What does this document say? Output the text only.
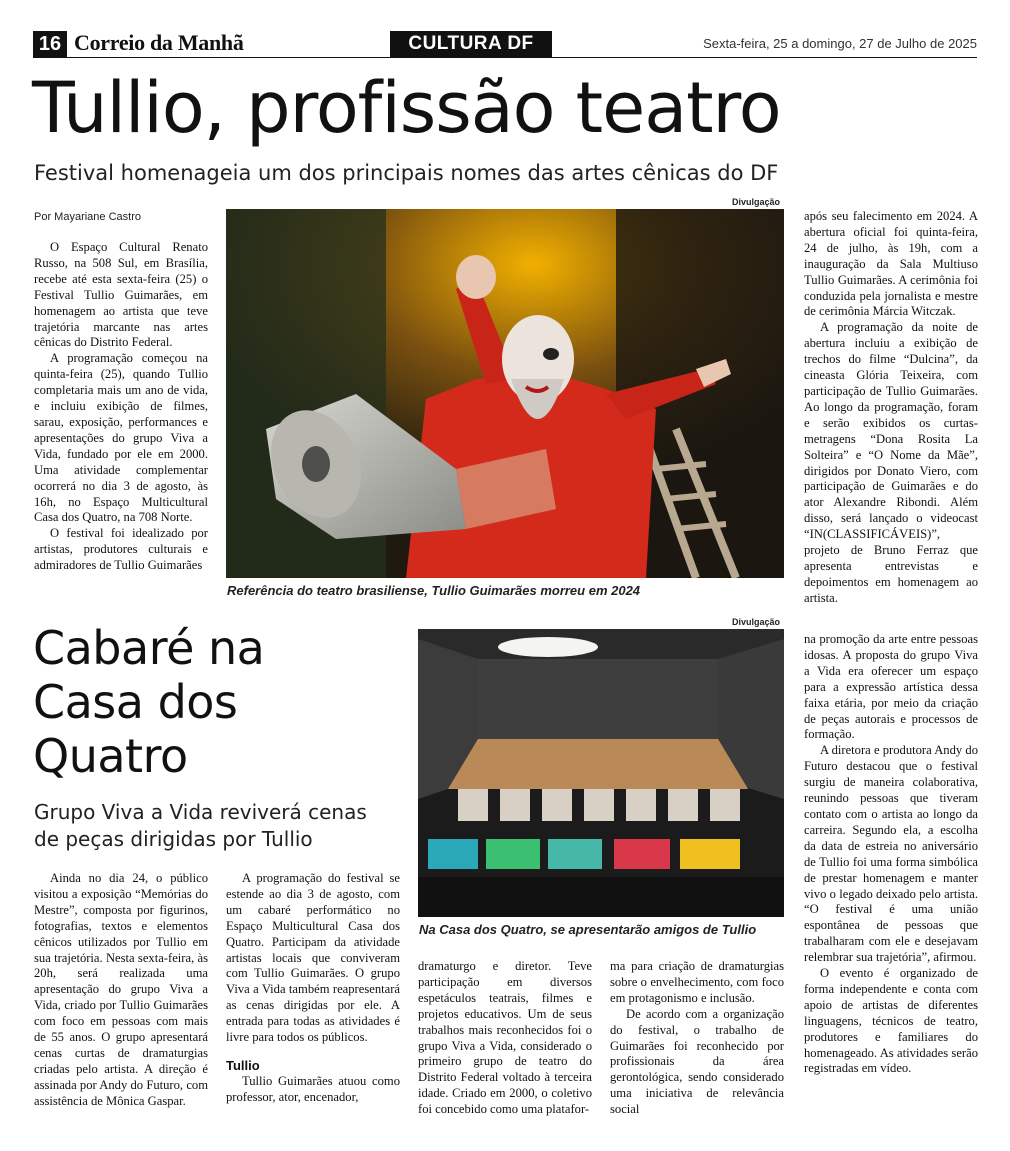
16 Correio da Manhã	CULTURA DF	Sexta-feira, 25 a domingo, 27 de Julho de 2025
Tullio, profissão teatro
Festival homenageia um dos principais nomes das artes cênicas do DF
Por Mayariane Castro

O Espaço Cultural Renato Russo, na 508 Sul, em Brasília, recebe até esta sexta-feira (25) o Festival Tullio Guimarães, em homenagem ao artista que teve trajetória marcante nas artes cênicas do Distrito Federal.

A programação começou na quinta-feira (25), quando Tullio completaria mais um ano de vida, e incluiu exibição de filmes, sarau, exposição, performances e apresentações do grupo Viva a Vida, fundado por ele em 2000. Uma atividade complementar ocorrerá no dia 3 de agosto, às 16h, no Espaço Multicultural Casa dos Quatro, na 708 Norte.

O festival foi idealizado por artistas, produtores culturais e admiradores de Tullio Guimarães

Divulgação
Referência do teatro brasiliense, Tullio Guimarães morreu em 2024

após seu falecimento em 2024. A abertura oficial foi quinta-feira, 24 de julho, às 19h, com a inauguração da Sala Multiuso Tullio Guimarães. A cerimônia foi conduzida pela jornalista e mestre de cerimônia Márcia Witczak.

A programação da noite de abertura incluiu a exibição de trechos do filme “Dulcina”, da cineasta Glória Teixeira, com participação de Tullio Guimarães. Ao longo da programação, foram e serão exibidos os curtas-metragens “Dona Rosita La Solteira” e “O Nome da Mãe”, dirigidos por Donato Viero, com participação de Guimarães e do ator Alexandre Ribondi. Além disso, será lançado o videocast “IN(CLASSIFICÁVEIS)”, projeto de Bruno Ferraz que apresenta entrevistas e depoimentos em homenagem ao artista.

Cabaré na
Casa dos
Quatro
Grupo Viva a Vida reviverá cenas
de peças dirigidas por Tullio
Divulgação
Na Casa dos Quatro, se apresentarão amigos de Tullio

Ainda no dia 24, o público visitou a exposição “Memórias do Mestre”, composta por figurinos, fotografias, textos e elementos cênicos utilizados por Tullio em sua trajetória. Nesta sexta-feira, às 20h, será realizada uma apresentação do grupo Viva a Vida, criado por Tullio Guimarães com foco em pessoas com mais de 55 anos. O grupo apresentará cenas curtas de dramaturgias criadas pelo artista. A direção é assinada por Andy do Futuro, com assistência de Mônica Gaspar.

A programação do festival se estende ao dia 3 de agosto, com um cabaré performático no Espaço Multicultural Casa dos Quatro. Participam da atividade artistas locais que conviveram com Tullio Guimarães. O grupo Viva a Vida também reapresentará as cenas dirigidas por ele. A entrada para todas as atividades é livre para todos os públicos.

Tullio

Tullio Guimarães atuou como professor, ator, encenador,

dramaturgo e diretor. Teve participação em diversos espetáculos teatrais, filmes e projetos educativos. Um de seus trabalhos mais reconhecidos foi o grupo Viva a Vida, considerado o primeiro grupo de teatro do Distrito Federal voltado à terceira idade. Criado em 2000, o coletivo foi concebido como uma platafor-

ma para criação de dramaturgias sobre o envelhecimento, com foco em protagonismo e inclusão.

De acordo com a organização do festival, o trabalho de Guimarães foi reconhecido por profissionais da área gerontológica, sendo considerado uma iniciativa de relevância social

na promoção da arte entre pessoas idosas. A proposta do grupo Viva a Vida era oferecer um espaço para a expressão artística dessa faixa etária, por meio da criação de peças autorais e processos de formação.

A diretora e produtora Andy do Futuro destacou que o festival surgiu de maneira colaborativa, reunindo pessoas que tiveram contato com o artista ao longo da carreira. Segundo ela, a escolha da data de estreia no aniversário de Tullio foi uma forma simbólica de prestar homenagem e manter vivo o legado deixado pelo artista. “O festival é uma união espontânea de pessoas que trabalharam com ele e desejavam relembrar sua trajetória”, afirmou.

O evento é organizado de forma independente e conta com apoio de artistas de diferentes linguagens, técnicos de teatro, produtores e familiares do homenageado. As atividades serão registradas em vídeo.
